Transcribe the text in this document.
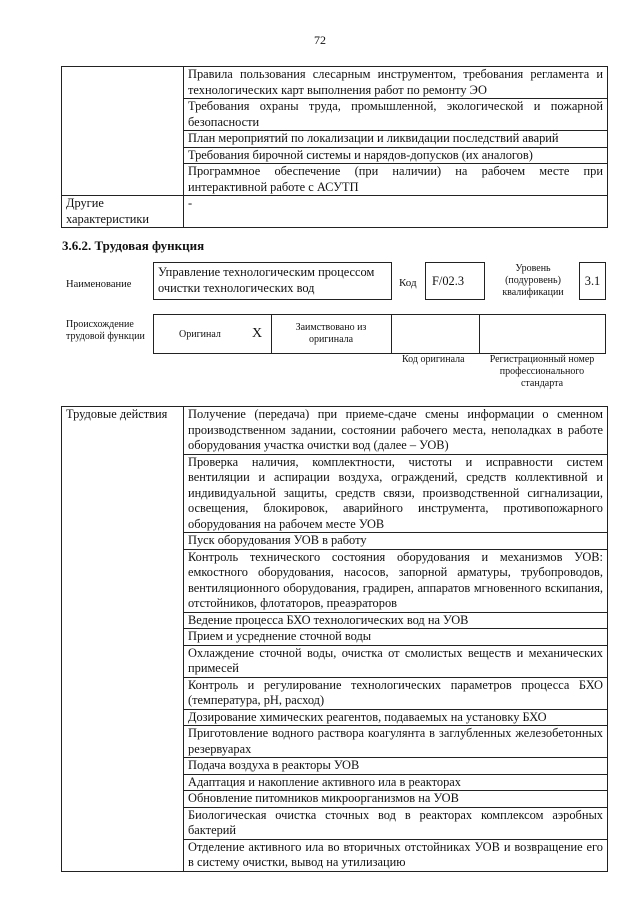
72
	Правила пользования слесарным инструментом, требования регламента и технологических карт выполнения работ по ремонту ЭО
	Требования охраны труда, промышленной, экологической и пожарной безопасности
	План мероприятий по локализации и ликвидации последствий аварий
	Требования бирочной системы и нарядов-допусков (их аналогов)
	Программное обеспечение (при наличии) на рабочем месте при интерактивной работе с АСУТП
Другие характеристики	-
3.6.2. Трудовая функция
Наименование
Управление технологическим процессом очистки технологических вод	Код	F/02.3
Уровень (подуровень) квалификации
3.1
Происхождение трудовой функции	Оригинал X	Заимствовано из оригинала
Код оригинала	Регистрационный номер профессионального стандарта
Трудовые действия	Получение (передача) при приеме-сдаче смены информации о сменном производственном задании, состоянии рабочего места, неполадках в работе оборудования участка очистки вод (далее – УОВ)
Проверка наличия, комплектности, чистоты и исправности систем вентиляции и аспирации воздуха, ограждений, средств коллективной и индивидуальной защиты, средств связи, производственной сигнализации, освещения, блокировок, аварийного инструмента, противопожарного оборудования на рабочем месте УОВ
Пуск оборудования УОВ в работу
Контроль технического состояния оборудования и механизмов УОВ: емкостного оборудования, насосов, запорной арматуры, трубопроводов, вентиляционного оборудования, градирен, аппаратов мгновенного вскипания, отстойников, флотаторов, преаэраторов
Ведение процесса БХО технологических вод на УОВ
Прием и усреднение сточной воды
Охлаждение сточной воды, очистка от смолистых веществ и механических примесей
Контроль и регулирование технологических параметров процесса БХО (температура, рН, расход)
Дозирование химических реагентов, подаваемых на установку БХО
Приготовление водного раствора коагулянта в заглубленных железобетонных резервуарах
Подача воздуха в реакторы УОВ
Адаптация и накопление активного ила в реакторах
Обновление питомников микроорганизмов на УОВ
Биологическая очистка сточных вод в реакторах комплексом аэробных бактерий
Отделение активного ила во вторичных отстойниках УОВ и возвращение его в систему очистки, вывод на утилизацию
